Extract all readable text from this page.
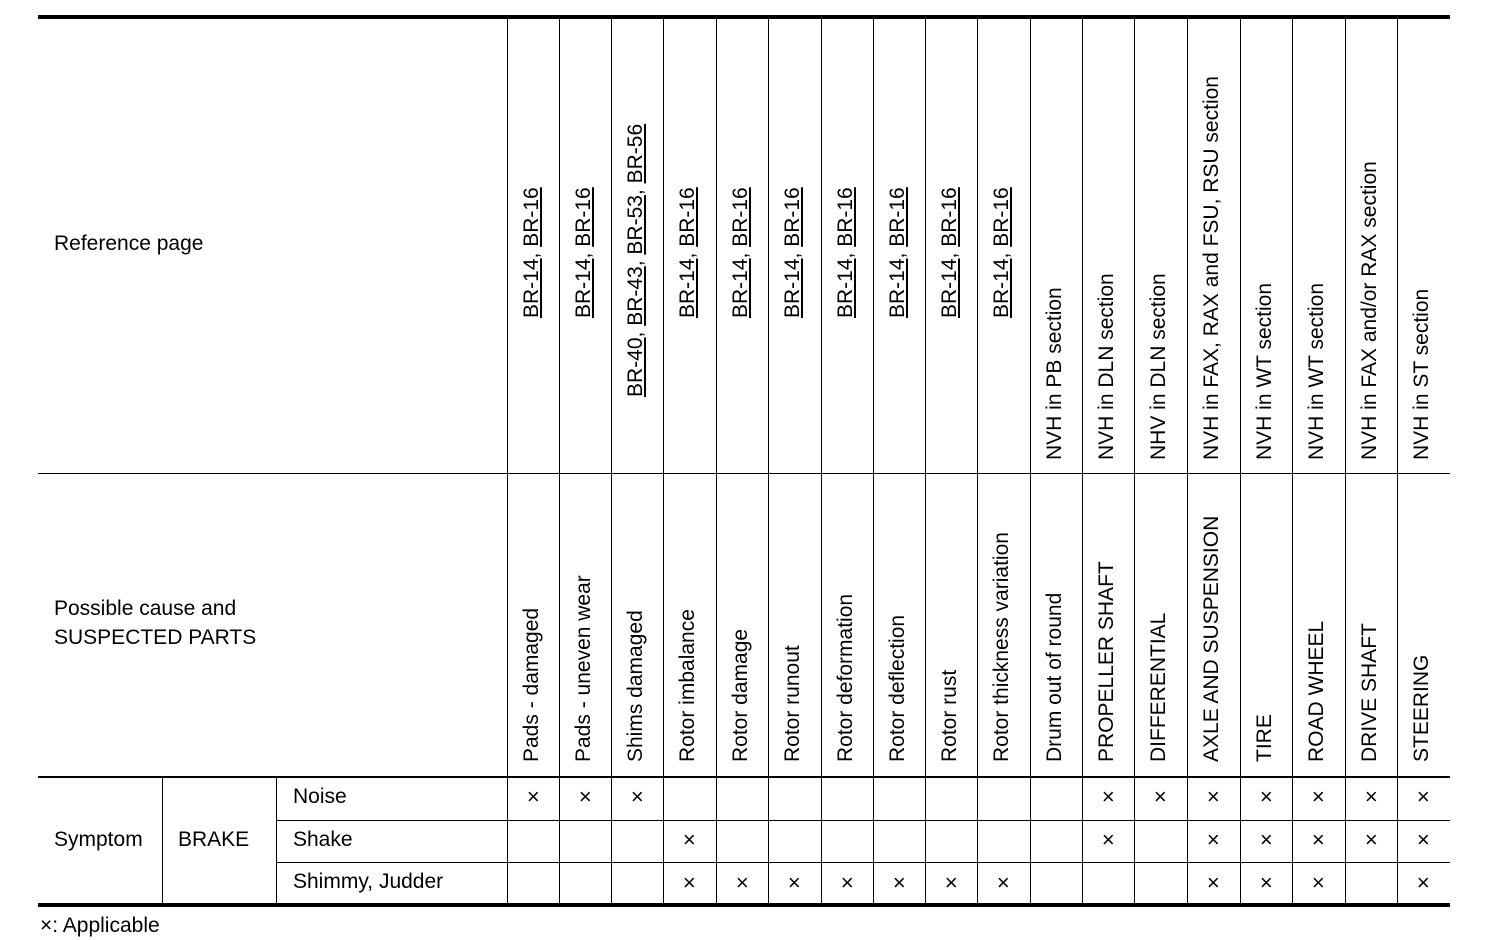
Reference page
Possible cause and
SUSPECTED PARTS
Symptom BRAKE
Noise
Shake
Shimmy, Judder
BR-14, BR-16
Pads - damaged
×
BR-14, BR-16
Pads - uneven wear
×
BR-40, BR-43, BR-53, BR-56
Shims damaged
×
BR-14, BR-16
Rotor imbalance
×
×
BR-14, BR-16
Rotor damage
×
BR-14, BR-16
Rotor runout
×
BR-14, BR-16
Rotor deformation
×
BR-14, BR-16
Rotor deflection
×
BR-14, BR-16
Rotor rust
×
BR-14, BR-16
Rotor thickness variation
×
NVH in PB section
Drum out of round
NVH in DLN section
PROPELLER SHAFT
×
×
NHV in DLN section
DIFFERENTIAL
×
NVH in FAX, RAX and FSU, RSU section
AXLE AND SUSPENSION
×
×
×
NVH in WT section
TIRE
×
×
×
NVH in WT section
ROAD WHEEL
×
×
×
NVH in FAX and/or RAX section
DRIVE SHAFT
×
×
NVH in ST section
STEERING
×
×
×
×: Applicable
